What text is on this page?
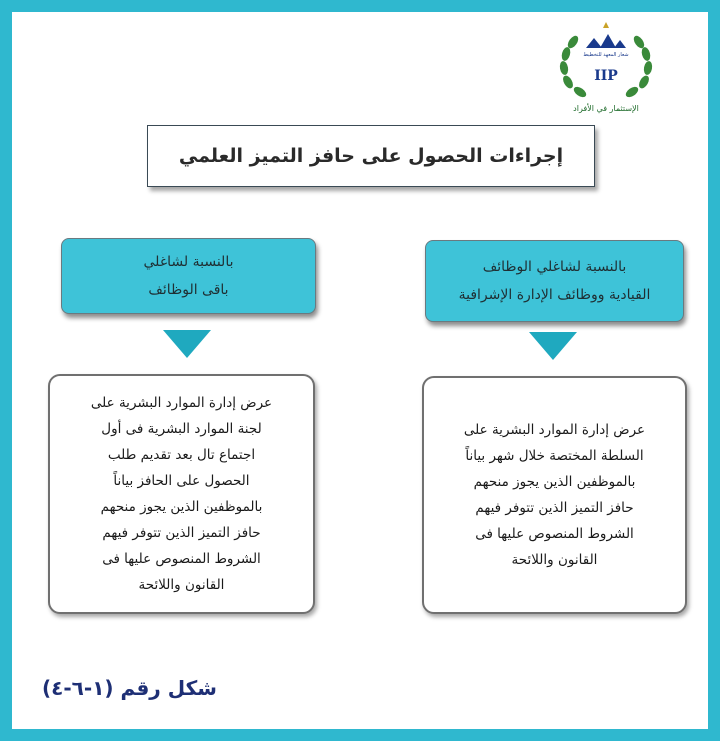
شعار المعهد للتخطيط
IIP
الإستثمار في الأفراد
إجراءات الحصول على حافز التميز العلمي
بالنسبة لشاغلي الوظائف
القيادية ووظائف الإدارة الإشرافية
بالنسبة لشاغلي
باقى الوظائف
عرض إدارة الموارد البشرية على
السلطة المختصة خلال شهر بياناً
بالموظفين الذين يجوز منحهم
حافز التميز الذين تتوفر فيهم
الشروط المنصوص عليها فى
القانون واللائحة
عرض إدارة الموارد البشرية على
لجنة الموارد البشرية فى أول
اجتماع تال بعد تقديم طلب
الحصول على الحافز بياناً
بالموظفين الذين يجوز منحهم
حافز التميز الذين تتوفر فيهم
الشروط المنصوص عليها فى
القانون واللائحة
شكل رقم (١-٦-٤)
